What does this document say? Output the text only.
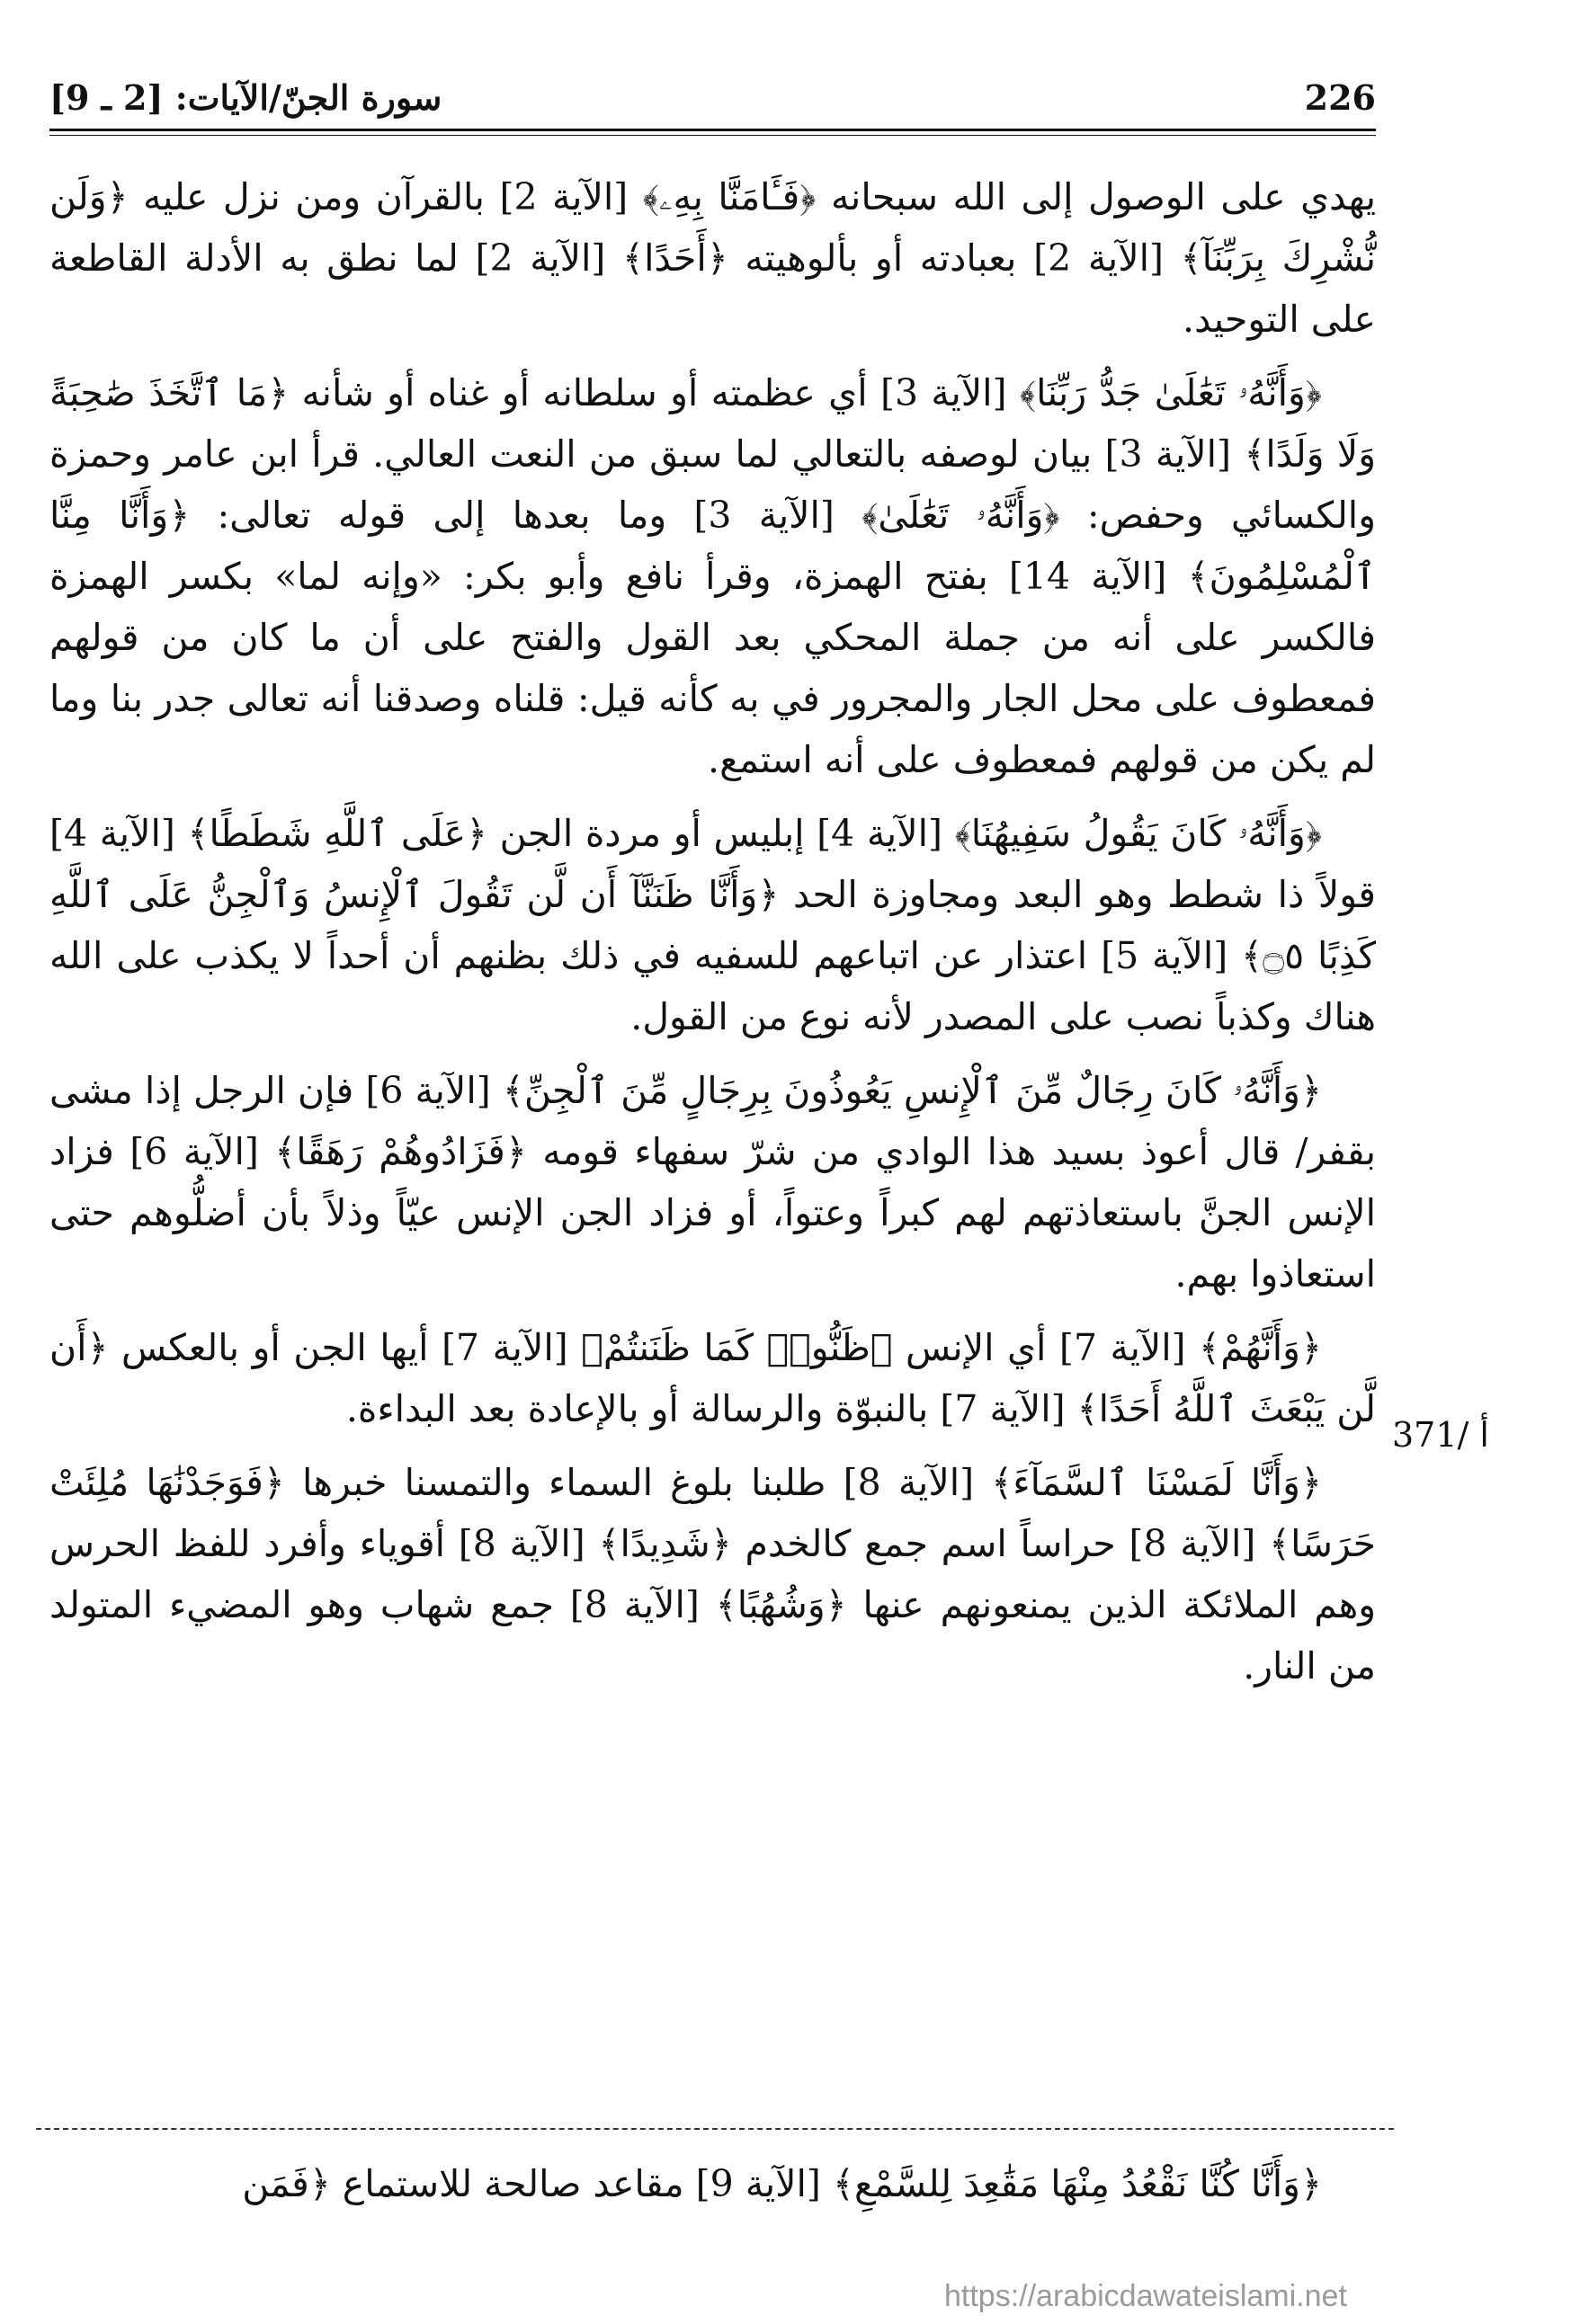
سورة الجنّ/الآيات: [2 ـ 9]	226

يهدي على الوصول إلى الله سبحانه ﴿فَـَٔامَنَّا بِهِۦ﴾ [الآية 2] بالقرآن ومن نزل عليه ﴿وَلَن نُّشْرِكَ بِرَبِّنَآ﴾ [الآية 2] بعبادته أو بألوهيته ﴿أَحَدًا﴾ [الآية 2] لما نطق به الأدلة القاطعة على التوحيد.

﴿وَأَنَّهُۥ تَعَٰلَىٰ جَدُّ رَبِّنَا﴾ [الآية 3] أي عظمته أو سلطانه أو غناه أو شأنه ﴿مَا ٱتَّخَذَ صَٰحِبَةً وَلَا وَلَدًا﴾ [الآية 3] بيان لوصفه بالتعالي لما سبق من النعت العالي. قرأ ابن عامر وحمزة والكسائي وحفص: ﴿وَأَنَّهُۥ تَعَٰلَىٰ﴾ [الآية 3] وما بعدها إلى قوله تعالى: ﴿وَأَنَّا مِنَّا ٱلْمُسْلِمُونَ﴾ [الآية 14] بفتح الهمزة، وقرأ نافع وأبو بكر: «وإنه لما» بكسر الهمزة فالكسر على أنه من جملة المحكي بعد القول والفتح على أن ما كان من قولهم فمعطوف على محل الجار والمجرور في به كأنه قيل: قلناه وصدقنا أنه تعالى جدر بنا وما لم يكن من قولهم فمعطوف على أنه استمع.

﴿وَأَنَّهُۥ كَانَ يَقُولُ سَفِيهُنَا﴾ [الآية 4] إبليس أو مردة الجن ﴿عَلَى ٱللَّهِ شَطَطًا﴾ [الآية 4] قولاً ذا شطط وهو البعد ومجاوزة الحد ﴿وَأَنَّا ظَنَنَّآ أَن لَّن تَقُولَ ٱلْإِنسُ وَٱلْجِنُّ عَلَى ٱللَّهِ كَذِبًا ۝٥﴾ [الآية 5] اعتذار عن اتباعهم للسفيه في ذلك بظنهم أن أحداً لا يكذب على الله هناك وكذباً نصب على المصدر لأنه نوع من القول.

﴿وَأَنَّهُۥ كَانَ رِجَالٌ مِّنَ ٱلْإِنسِ يَعُوذُونَ بِرِجَالٍ مِّنَ ٱلْجِنِّ﴾ [الآية 6] فإن الرجل إذا مشى بقفر/ قال أعوذ بسيد هذا الوادي من شرّ سفهاء قومه ﴿فَزَادُوهُمْ رَهَقًا﴾ [الآية 6] فزاد الإنس الجنَّ باستعاذتهم لهم كبراً وعتواً، أو فزاد الجن الإنس عيّاً وذلاً بأن أضلُّوهم حتى استعاذوا بهم.

﴿وَأَنَّهُمْ﴾ [الآية 7] أي الإنس ﴿ظَنُّوا۟ كَمَا ظَنَنتُمْ﴾ [الآية 7] أيها الجن أو بالعكس ﴿أَن لَّن يَبْعَثَ ٱللَّهُ أَحَدًا﴾ [الآية 7] بالنبوّة والرسالة أو بالإعادة بعد البداءة.

﴿وَأَنَّا لَمَسْنَا ٱلسَّمَآءَ﴾ [الآية 8] طلبنا بلوغ السماء والتمسنا خبرها ﴿فَوَجَدْنَٰهَا مُلِئَتْ حَرَسًا﴾ [الآية 8] حراساً اسم جمع كالخدم ﴿شَدِيدًا﴾ [الآية 8] أقوياء وأفرد للفظ الحرس وهم الملائكة الذين يمنعونهم عنها ﴿وَشُهُبًا﴾ [الآية 8] جمع شهاب وهو المضيء المتولد من النار.

371/ أ

﴿وَأَنَّا كُنَّا نَقْعُدُ مِنْهَا مَقَٰعِدَ لِلسَّمْعِ﴾ [الآية 9] مقاعد صالحة للاستماع ﴿فَمَن

https://arabicdawateislami.net
